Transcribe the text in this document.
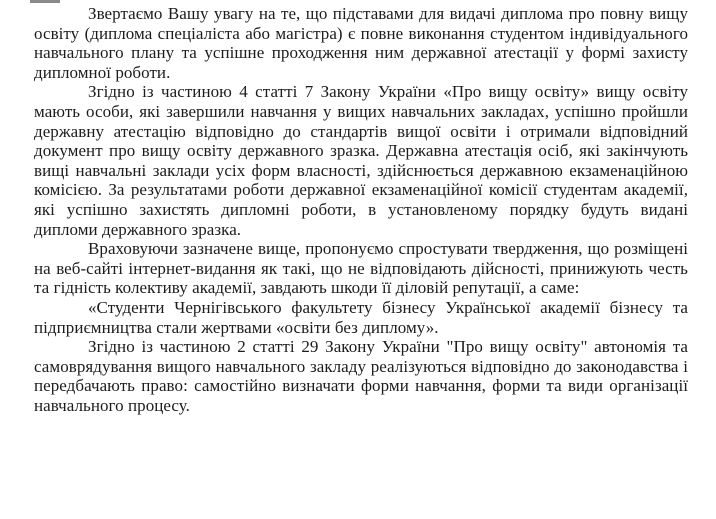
Звертаємо Вашу увагу на те, що підставами для видачі диплома про повну вищу освіту (диплома спеціаліста або магістра) є повне виконання студентом індивідуального навчального плану та успішне проходження ним державної атестації у формі захисту дипломної роботи.

Згідно із частиною 4 статті 7 Закону України «Про вищу освіту» вищу освіту мають особи, які завершили навчання у вищих навчальних закладах, успішно пройшли державну атестацію відповідно до стандартів вищої освіти і отримали відповідний документ про вищу освіту державного зразка. Державна атестація осіб, які закінчують вищі навчальні заклади усіх форм власності, здійснюється державною екзаменаційною комісією. За результатами роботи державної екзаменаційної комісії студентам академії, які успішно захистять дипломні роботи, в установленому порядку будуть видані дипломи державного зразка.

Враховуючи зазначене вище, пропонуємо спростувати твердження, що розміщені на веб-сайті інтернет-видання як такі, що не відповідають дійсності, принижують честь та гідність колективу академії, завдають шкоди її діловій репутації, а саме:

«Студенти Чернігівського факультету бізнесу Української академії бізнесу та підприємництва стали жертвами «освіти без диплому».

Згідно із частиною 2 статті 29 Закону України "Про вищу освіту" автономія та самоврядування вищого навчального закладу реалізуються відповідно до законодавства і передбачають право: самостійно визначати форми навчання, форми та види організації навчального процесу.
